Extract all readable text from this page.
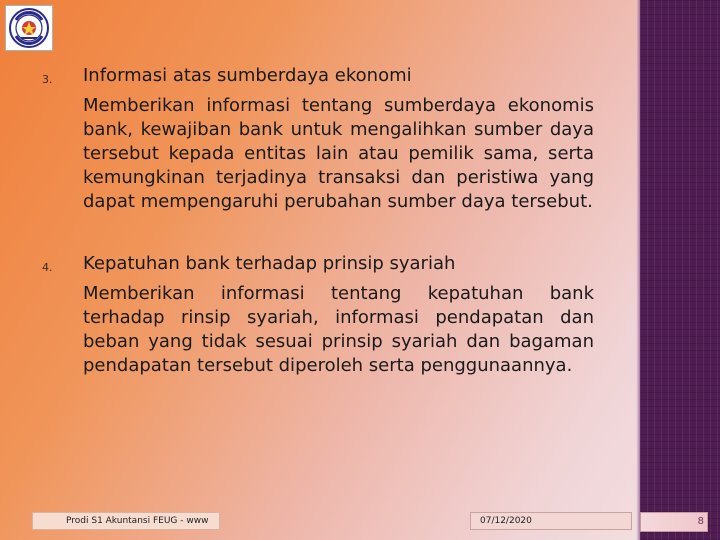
3.	Informasi atas sumberdaya ekonomi
Memberikan informasi tentang sumberdaya ekonomis bank, kewajiban bank untuk mengalihkan sumber daya tersebut kepada entitas lain atau pemilik sama, serta kemungkinan terjadinya transaksi dan peristiwa yang dapat mempengaruhi perubahan sumber daya tersebut.
4.	Kepatuhan bank terhadap prinsip syariah
Memberikan informasi tentang kepatuhan bank terhadap rinsip syariah, informasi pendapatan dan beban yang tidak sesuai prinsip syariah dan bagaman pendapatan tersebut diperoleh serta penggunaannya.
Prodi S1 Akuntansi FEUG - www	07/12/2020	8
